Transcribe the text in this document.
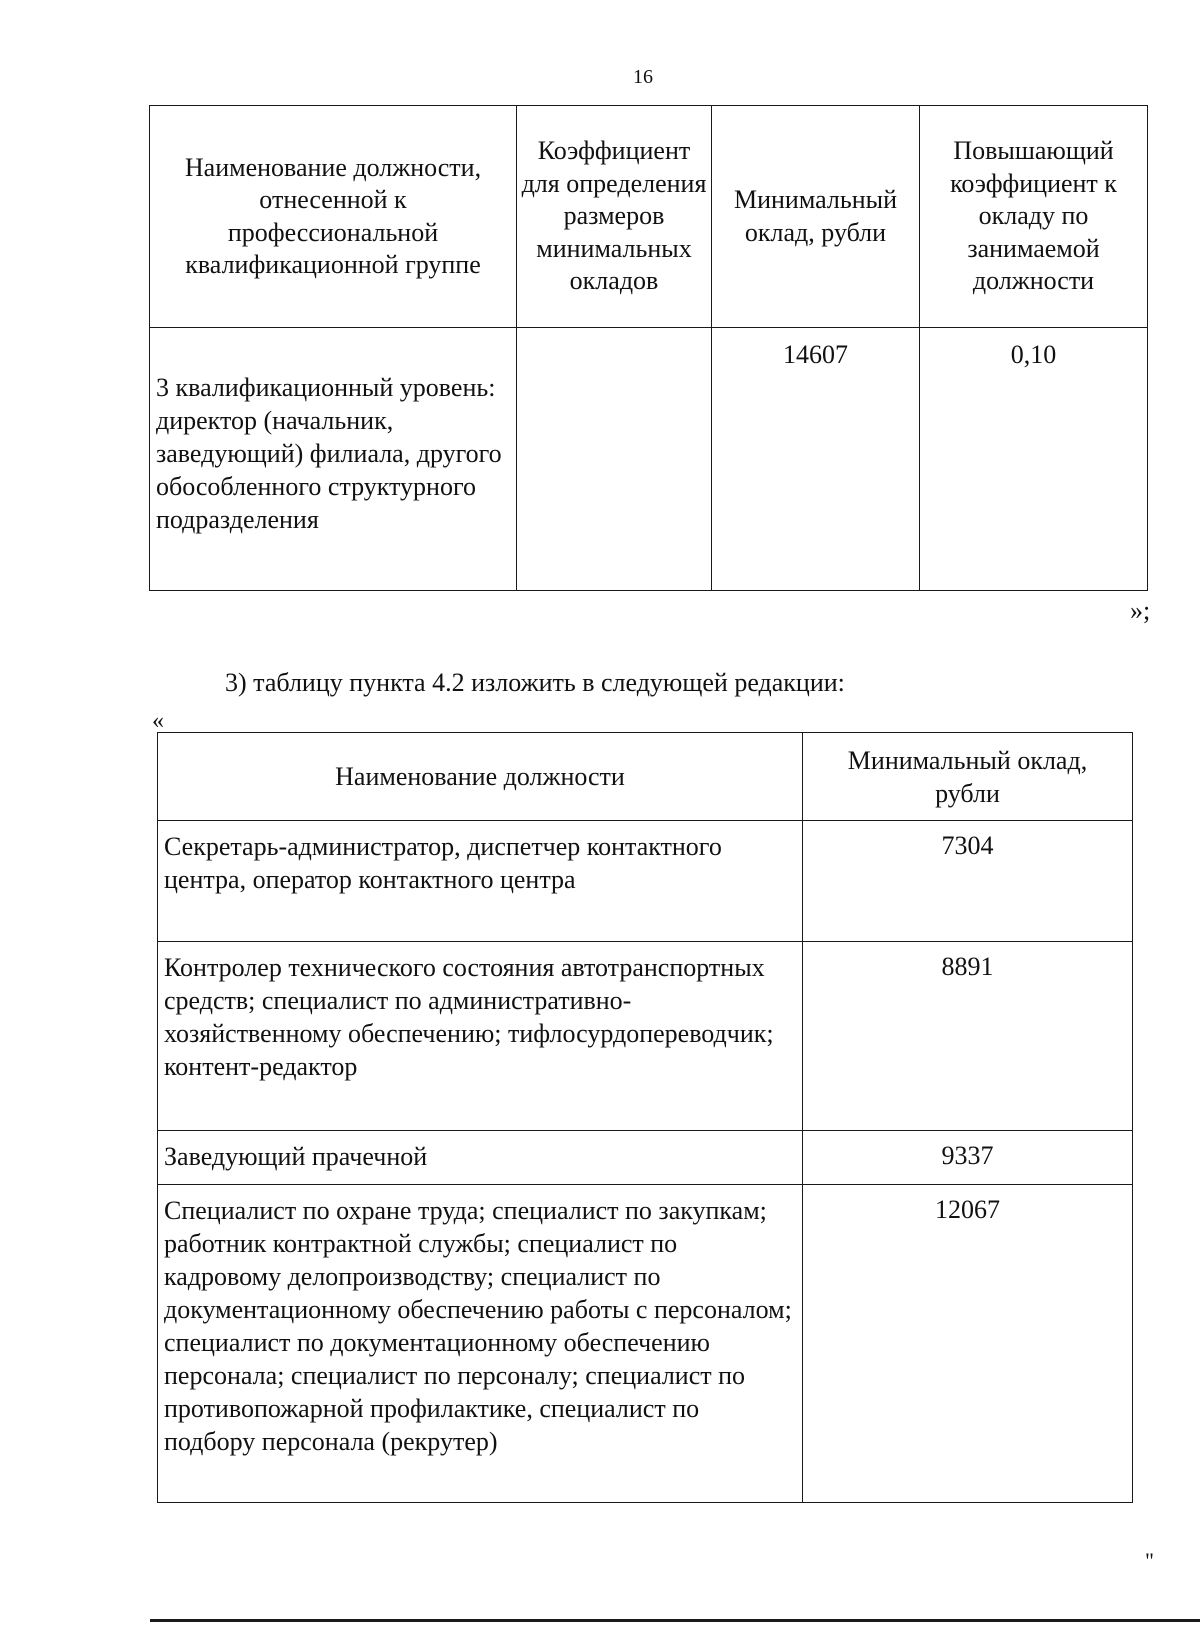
16
Наименование должности, отнесенной к профессиональной квалификационной группе	Коэффициент для определения размеров минимальных окладов	Минимальный оклад, рубли	Повышающий коэффициент к окладу по занимаемой должности

3 квалификационный уровень:
директор (начальник, заведующий) филиала, другого обособленного структурного подразделения		14607	0,10
»;
3) таблицу пункта 4.2 изложить в следующей редакции:
«
Наименование должности	Минимальный оклад, рубли
Секретарь-администратор, диспетчер контактного центра, оператор контактного центра	7304
Контролер технического состояния автотранспортных средств; специалист по административно-хозяйственному обеспечению; тифлосурдопереводчик; контент-редактор	8891
Заведующий прачечной	9337
Специалист по охране труда; специалист по закупкам; работник контрактной службы; специалист по кадровому делопроизводству; специалист по документационному обеспечению работы с персоналом; специалист по документационному обеспечению персонала; специалист по персоналу; специалист по противопожарной профилактике, специалист по подбору персонала (рекрутер)	12067
"
